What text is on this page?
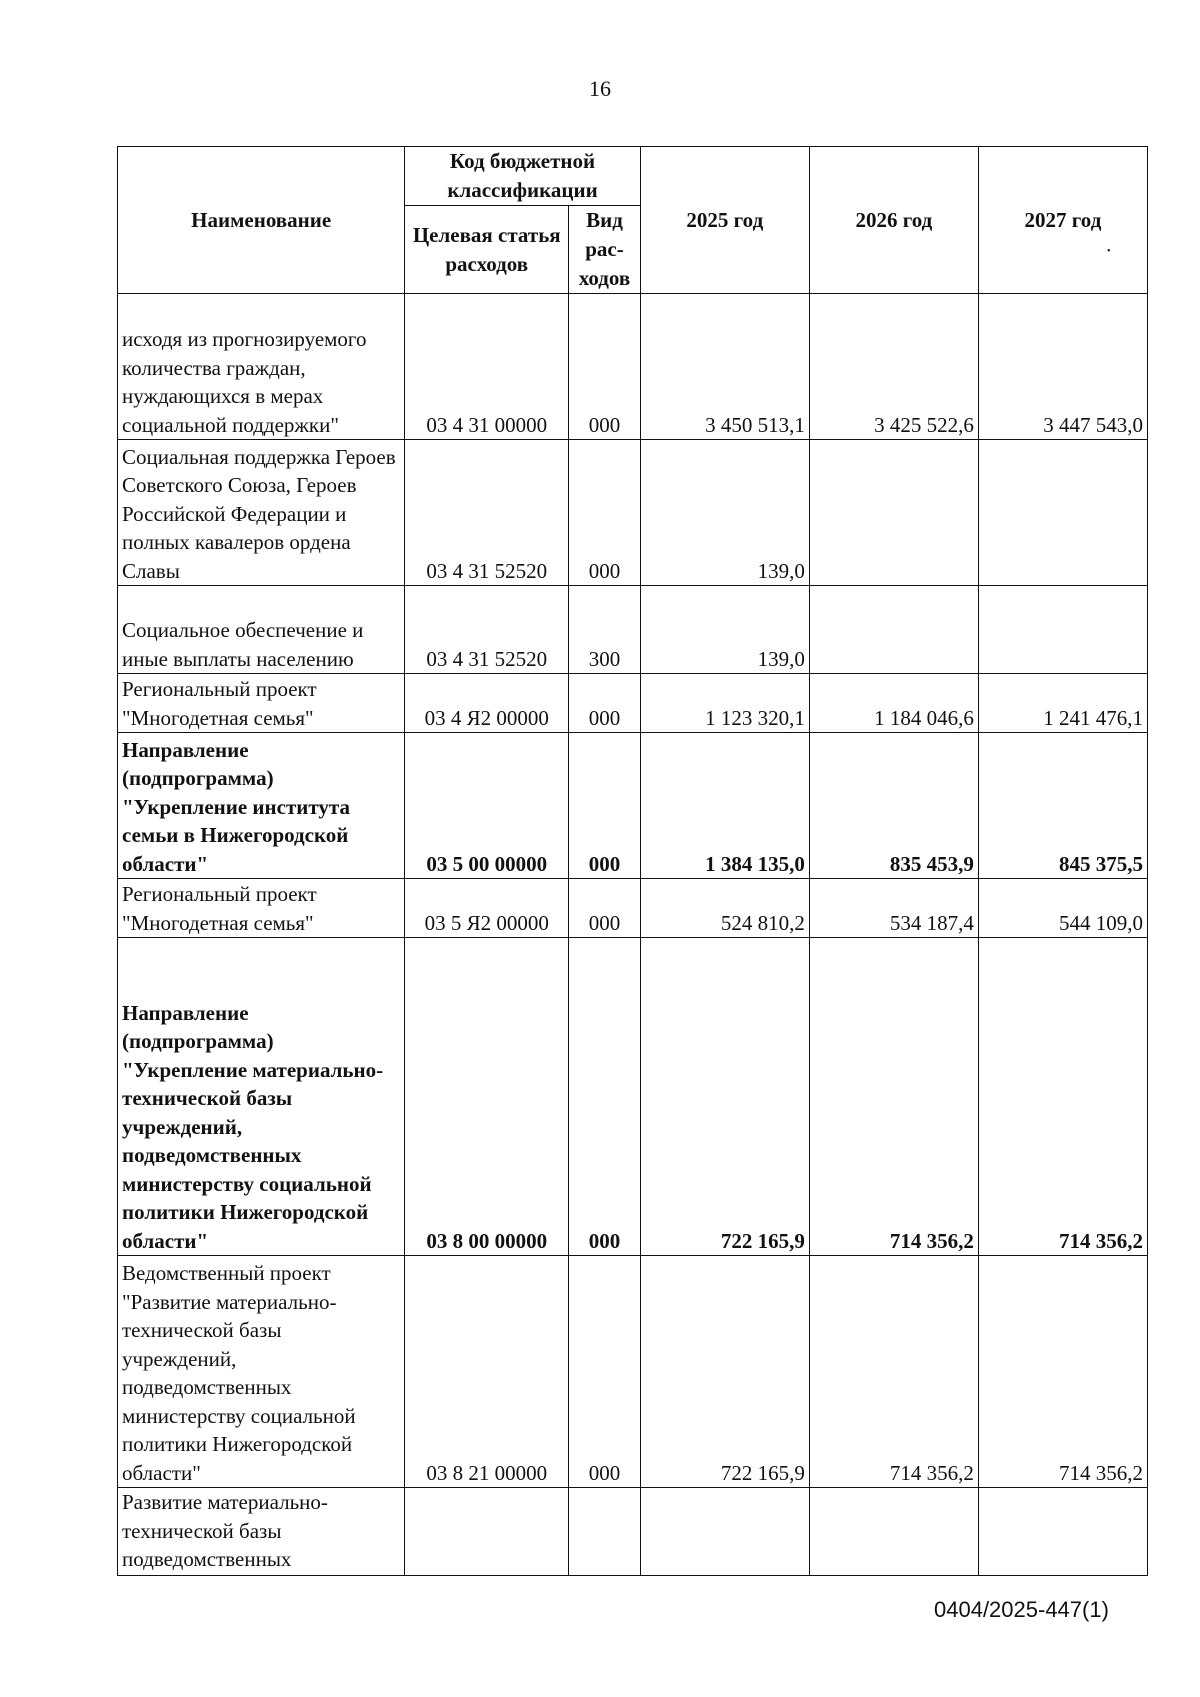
16
Наименование	Код бюджетной классификации		2025 год	2026 год	2027 год
	Целевая статья расходов	Вид рас- ходов			
исходя из прогнозируемого количества граждан, нуждающихся в мерах социальной поддержки"	03 4 31 00000	000	3 450 513,1	3 425 522,6	3 447 543,0
Социальная поддержка Героев Советского Союза, Героев Российской Федерации и полных кавалеров ордена Славы	03 4 31 52520	000	139,0		
Социальное обеспечение и иные выплаты населению	03 4 31 52520	300	139,0		
Региональный проект "Многодетная семья"	03 4 Я2 00000	000	1 123 320,1	1 184 046,6	1 241 476,1
Направление (подпрограмма) "Укрепление института семьи в Нижегородской области"	03 5 00 00000	000	1 384 135,0	835 453,9	845 375,5
Региональный проект "Многодетная семья"	03 5 Я2 00000	000	524 810,2	534 187,4	544 109,0
Направление (подпрограмма) "Укрепление материально-технической базы учреждений, подведомственных министерству социальной политики Нижегородской области"	03 8 00 00000	000	722 165,9	714 356,2	714 356,2
Ведомственный проект "Развитие материально-технической базы учреждений, подведомственных министерству социальной политики Нижегородской области"	03 8 21 00000	000	722 165,9	714 356,2	714 356,2
Развитие материально-технической базы подведомственных					
•
0404/2025-447(1)
